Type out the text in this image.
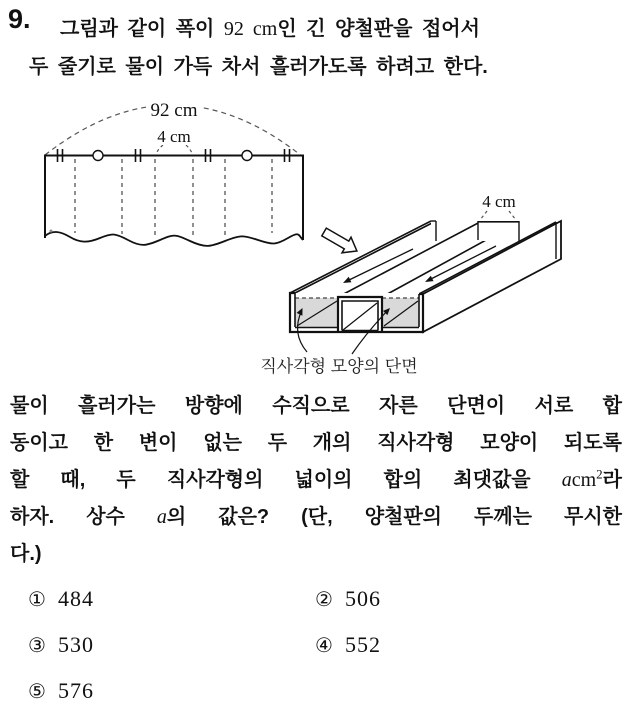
92 cm
4 cm
4 cm
직사각형 모양의 단면
9. 그림과 같이 폭이 92 cm인 긴 양철판을 접어서
두 줄기로 물이 가득 차서 흘러가도록 하려고 한다.
물이 흘러가는 방향에 수직으로 자른 단면이 서로 합
동이고 한 변이 없는 두 개의 직사각형 모양이 되도록
할 때, 두 직사각형의 넓이의 합의 최댓값을 acm$^2$라
하자. 상수 a의 값은? (단, 양철판의 두께는 무시한
다.)
① 484	② 506
③ 530	④ 552
⑤ 576
